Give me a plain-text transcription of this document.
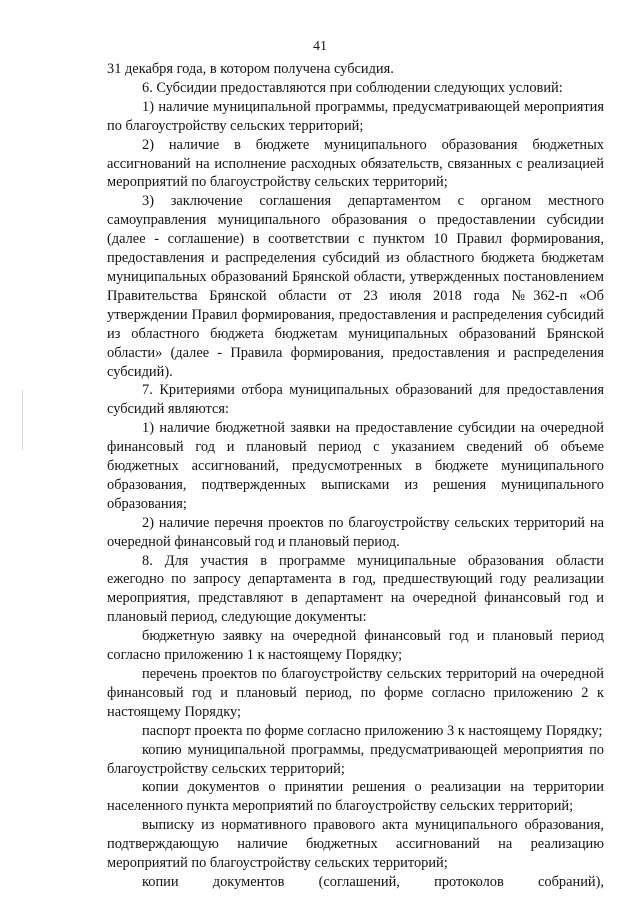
41

31 декабря года, в котором получена субсидия.

6. Субсидии предоставляются при соблюдении следующих условий:

1) наличие муниципальной программы, предусматривающей мероприятия по благоустройству сельских территорий;

2) наличие в бюджете муниципального образования бюджетных ассигнований на исполнение расходных обязательств, связанных с реализацией мероприятий по благоустройству сельских территорий;

3) заключение соглашения департаментом с органом местного самоуправления муниципального образования о предоставлении субсидии (далее - соглашение) в соответствии с пунктом 10 Правил формирования, предоставления и распределения субсидий из областного бюджета бюджетам муниципальных образований Брянской области, утвержденных постановлением Правительства Брянской области от 23 июля 2018 года №362-п «Об утверждении Правил формирования, предоставления и распределения субсидий из областного бюджета бюджетам муниципальных образований Брянской области» (далее - Правила формирования, предоставления и распределения субсидий).

7. Критериями отбора муниципальных образований для предоставления субсидий являются:

1) наличие бюджетной заявки на предоставление субсидии на очередной финансовый год и плановый период с указанием сведений об объеме бюджетных ассигнований, предусмотренных в бюджете муниципального образования, подтвержденных выписками из решения муниципального образования;

2) наличие перечня проектов по благоустройству сельских территорий на очередной финансовый год и плановый период.

8. Для участия в программе муниципальные образования области ежегодно по запросу департамента в год, предшествующий году реализации мероприятия, представляют в департамент на очередной финансовый год и плановый период, следующие документы:

бюджетную заявку на очередной финансовый год и плановый период согласно приложению 1 к настоящему Порядку;

перечень проектов по благоустройству сельских территорий на очередной финансовый год и плановый период, по форме согласно приложению 2 к настоящему Порядку;

паспорт проекта по форме согласно приложению 3 к настоящему Порядку;

копию муниципальной программы, предусматривающей мероприятия по благоустройству сельских территорий;

копии документов о принятии решения о реализации на территории населенного пункта мероприятий по благоустройству сельских территорий;

выписку из нормативного правового акта муниципального образования, подтверждающую наличие бюджетных ассигнований на реализацию мероприятий по благоустройству сельских территорий;

копии документов (соглашений, протоколов собраний),
